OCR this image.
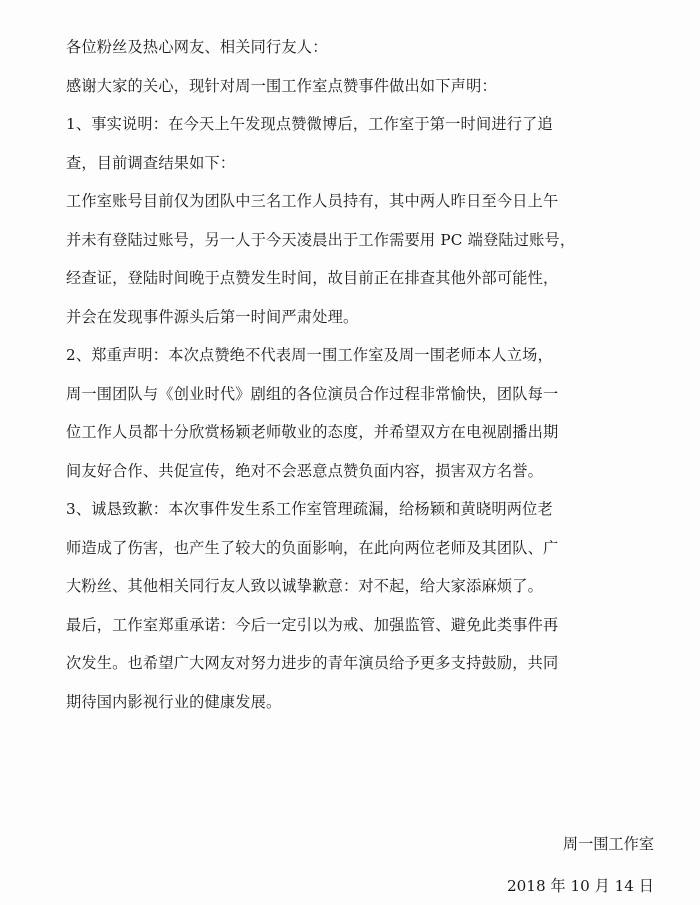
各位粉丝及热心网友、相关同行友人：
感谢大家的关心，现针对周一围工作室点赞事件做出如下声明：
1、事实说明：在今天上午发现点赞微博后，工作室于第一时间进行了追
查，目前调查结果如下：
工作室账号目前仅为团队中三名工作人员持有，其中两人昨日至今日上午
并未有登陆过账号，另一人于今天凌晨出于工作需要用 PC 端登陆过账号，
经查证，登陆时间晚于点赞发生时间，故目前正在排查其他外部可能性，
并会在发现事件源头后第一时间严肃处理。
2、郑重声明：本次点赞绝不代表周一围工作室及周一围老师本人立场，
周一围团队与《创业时代》剧组的各位演员合作过程非常愉快，团队每一
位工作人员都十分欣赏杨颖老师敬业的态度，并希望双方在电视剧播出期
间友好合作、共促宣传，绝对不会恶意点赞负面内容，损害双方名誉。
3、诚恳致歉：本次事件发生系工作室管理疏漏，给杨颖和黄晓明两位老
师造成了伤害，也产生了较大的负面影响，在此向两位老师及其团队、广
大粉丝、其他相关同行友人致以诚挚歉意：对不起，给大家添麻烦了。
最后，工作室郑重承诺：今后一定引以为戒、加强监管、避免此类事件再
次发生。也希望广大网友对努力进步的青年演员给予更多支持鼓励，共同
期待国内影视行业的健康发展。
周一围工作室
2018 年 10 月 14 日
